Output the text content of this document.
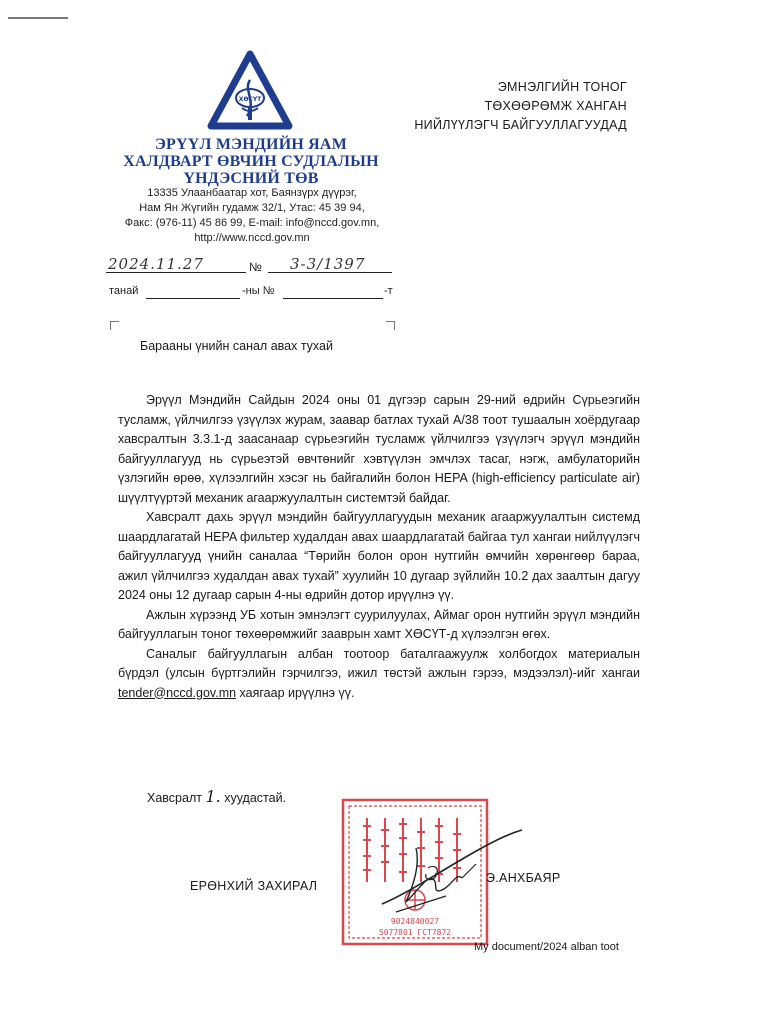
ХӨСҮТ
ЭРҮҮЛ МЭНДИЙН ЯАМ
ХАЛДВАРТ ӨВЧИН СУДЛАЛЫН
ҮНДЭСНИЙ ТӨВ
13335 Улаанбаатар хот, Баянзүрх дүүрэг,
Нам Ян Жүгийн гудамж 32/1, Утас: 45 39 94,
Факс: (976-11) 45 86 99, E-mail: info@nccd.gov.mn,
http://www.nccd.gov.mn
ЭМНЭЛГИЙН ТОНОГ
ТӨХӨӨРӨМЖ ХАНГАН
НИЙЛҮҮЛЭГЧ БАЙГУУЛЛАГУУДАД
2024.11.27	№ 3-3/1397
танай	-ны №	-т
Барааны үнийн санал авах тухай

Эрүүл Мэндийн Сайдын 2024 оны 01 дүгээр сарын 29-ний өдрийн Сүрьеэгийн тусламж, үйлчилгээ үзүүлэх журам, заавар батлах тухай А/38 тоот тушаалын хоёрдугаар хавсралтын 3.3.1-д заасанаар сүрьеэгийн тусламж үйлчилгээ үзүүлэгч эрүүл мэндийн байгууллагууд нь сүрьеэтэй өвчтөнийг хэвтүүлэн эмчлэх тасаг, нэгж, амбулаторийн үзлэгийн өрөө, хүлээлгийн хэсэг нь байгалийн болон HEPA (high-efficiency particulate air) шүүлтүүртэй механик агааржуулалтын системтэй байдаг.

Хавсралт дахь эрүүл мэндийн байгууллагуудын механик агааржуулалтын системд шаардлагатай HEPA фильтер худалдан авах шаардлагатай байгаа тул хангаи нийлүүлэгч байгууллагууд үнийн саналаа “Төрийн болон орон нутгийн өмчийн хөрөнгөөр бараа, ажил үйлчилгээ худалдан авах тухай” хуулийн 10 дугаар зүйлийн 10.2 дах заалтын дагуу 2024 оны 12 дугаар сарын 4-ны өдрийн дотор ирүүлнэ үү.

Ажлын хүрээнд УБ хотын эмнэлэгт суурилуулах, Аймаг орон нутгийн эрүүл мэндийн байгууллагын тоног төхөөрөмжийг зааврын хамт ХӨСҮТ-д хүлээлгэн өгөх.

Саналыг байгууллагын албан тоотоор баталгаажуулж холбогдох материалын бүрдэл (улсын бүртгэлийн гэрчилгээ, ижил төстэй ажлын гэрээ, мэдээлэл)-ийг хангаи tender@nccd.gov.mn хаягаар ирүүлнэ үү.

Хавсралт 1. хуудастай.
9024840027
5077801 ГСТ7872
ЕРӨНХИЙ ЗАХИРАЛ
Э.АНХБАЯР
My document/2024 alban toot
